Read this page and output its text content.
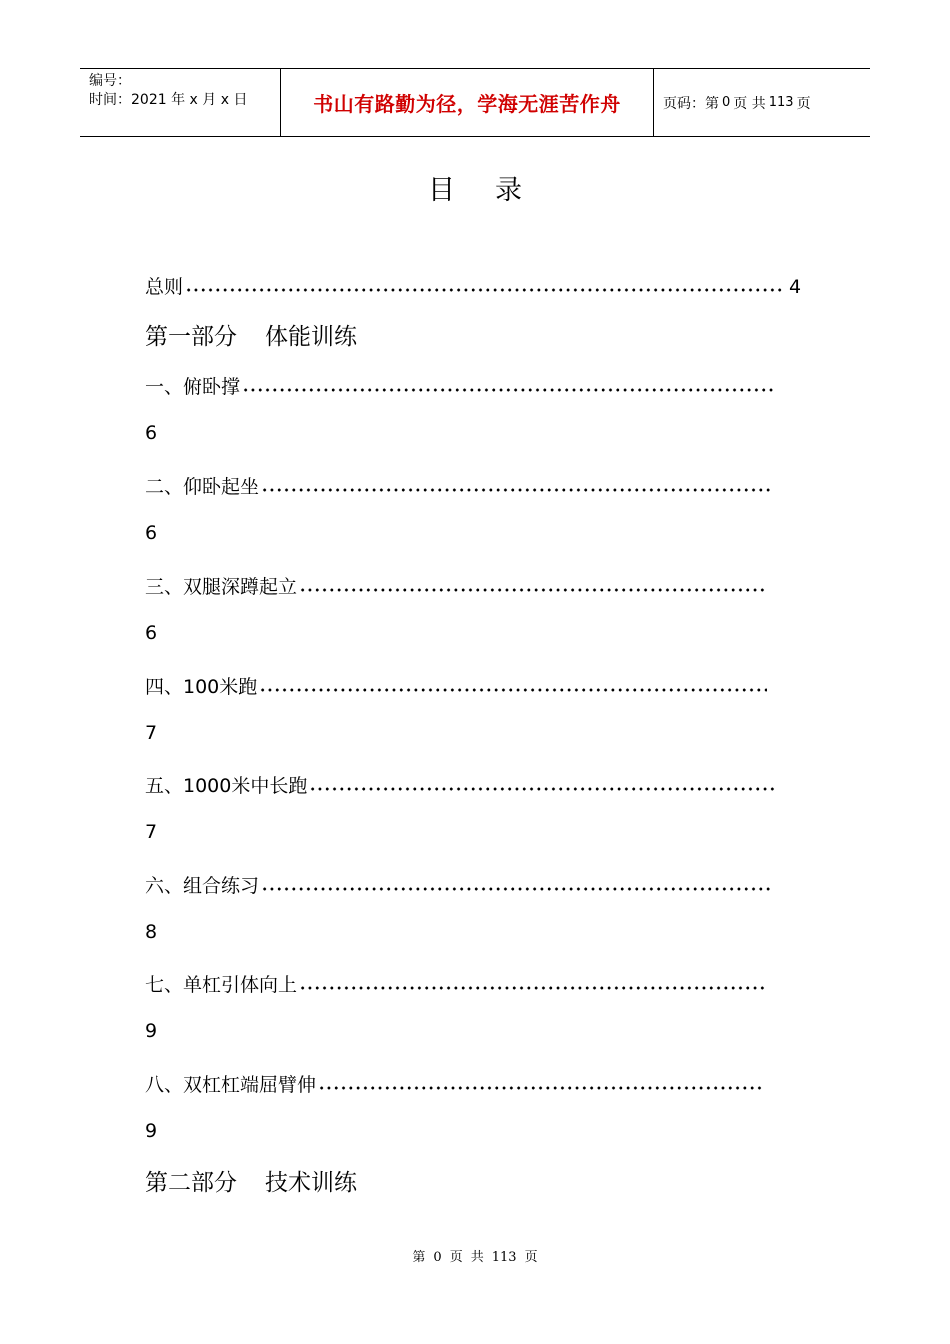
编号：
时间：2021 年 x 月 x 日	书山有路勤为径，学海无涯苦作舟	页码：第 0 页 共 113 页
目录
总则	4
第一部分 体能训练
一、俯卧撑
6
二、仰卧起坐
6
三、双腿深蹲起立
6
四、100米跑
7
五、1000米中长跑
7
六、组合练习
8
七、单杠引体向上
9
八、双杠杠端屈臂伸
9
第二部分 技术训练
第 0 页 共 113 页
